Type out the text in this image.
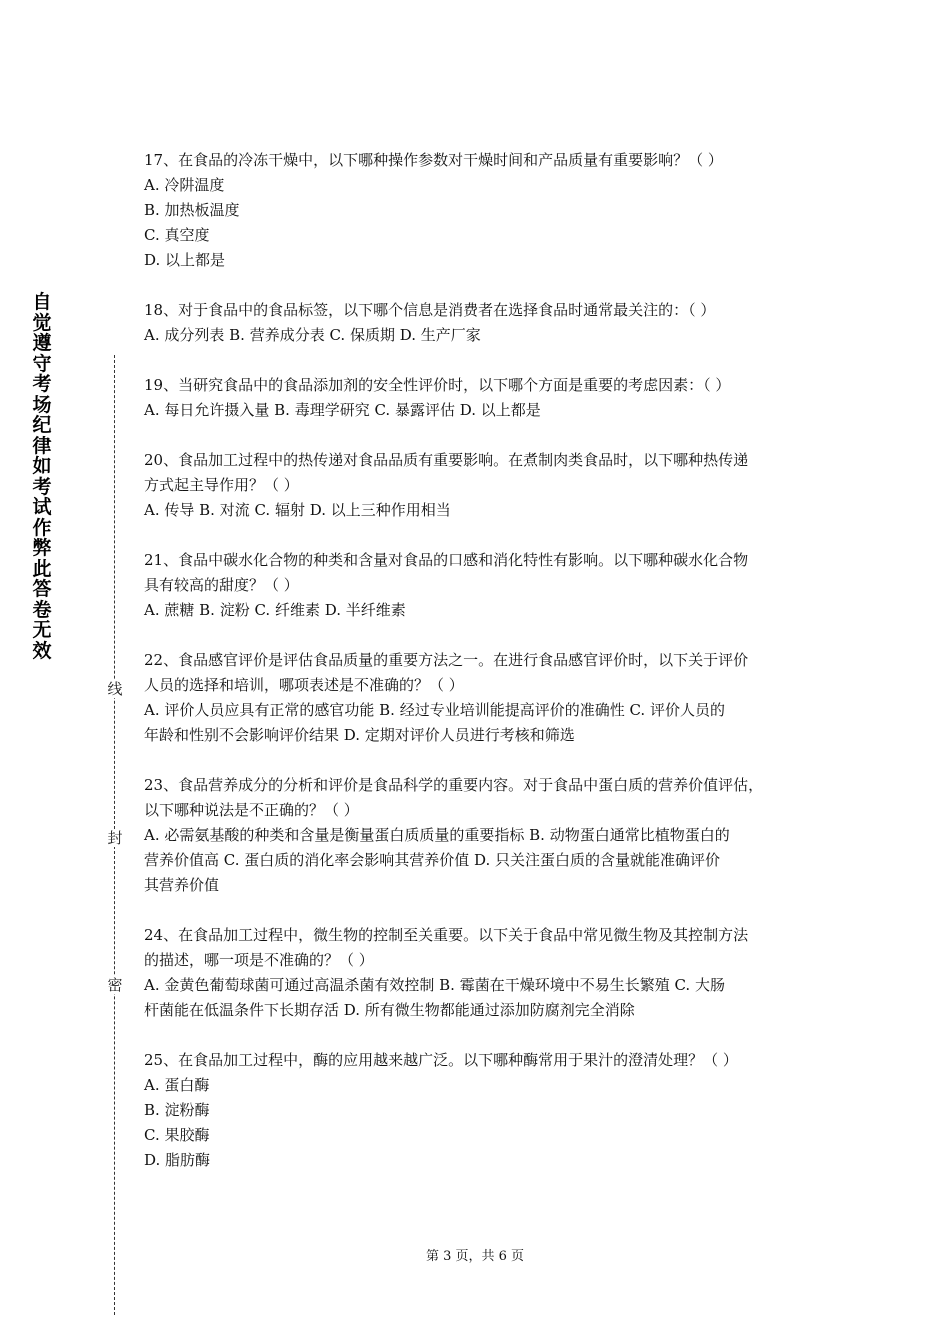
自
觉
遵
守
考
场
纪
律
如
考
试
作
弊
此
答
卷
无
效
线
封
密

17、在食品的冷冻干燥中，以下哪种操作参数对干燥时间和产品质量有重要影响？（ ）

A. 冷阱温度

B. 加热板温度

C. 真空度

D. 以上都是

18、对于食品中的食品标签，以下哪个信息是消费者在选择食品时通常最关注的：（ ）

A. 成分列表 B. 营养成分表 C. 保质期 D. 生产厂家

19、当研究食品中的食品添加剂的安全性评价时，以下哪个方面是重要的考虑因素：（ ）

A. 每日允许摄入量 B. 毒理学研究 C. 暴露评估 D. 以上都是

20、食品加工过程中的热传递对食品品质有重要影响。在煮制肉类食品时，以下哪种热传递

方式起主导作用？（ ）

A. 传导 B. 对流 C. 辐射 D. 以上三种作用相当

21、食品中碳水化合物的种类和含量对食品的口感和消化特性有影响。以下哪种碳水化合物

具有较高的甜度？（ ）

A. 蔗糖 B. 淀粉 C. 纤维素 D. 半纤维素

22、食品感官评价是评估食品质量的重要方法之一。在进行食品感官评价时，以下关于评价

人员的选择和培训，哪项表述是不准确的？（ ）

A. 评价人员应具有正常的感官功能 B. 经过专业培训能提高评价的准确性 C. 评价人员的

年龄和性别不会影响评价结果 D. 定期对评价人员进行考核和筛选

23、食品营养成分的分析和评价是食品科学的重要内容。对于食品中蛋白质的营养价值评估，

以下哪种说法是不正确的？（ ）

A. 必需氨基酸的种类和含量是衡量蛋白质质量的重要指标 B. 动物蛋白通常比植物蛋白的

营养价值高 C. 蛋白质的消化率会影响其营养价值 D. 只关注蛋白质的含量就能准确评价

其营养价值

24、在食品加工过程中，微生物的控制至关重要。以下关于食品中常见微生物及其控制方法

的描述，哪一项是不准确的？（ ）

A. 金黄色葡萄球菌可通过高温杀菌有效控制 B. 霉菌在干燥环境中不易生长繁殖 C. 大肠

杆菌能在低温条件下长期存活 D. 所有微生物都能通过添加防腐剂完全消除

25、在食品加工过程中，酶的应用越来越广泛。以下哪种酶常用于果汁的澄清处理？（ ）

A. 蛋白酶

B. 淀粉酶

C. 果胶酶

D. 脂肪酶

第 3 页，共 6 页
